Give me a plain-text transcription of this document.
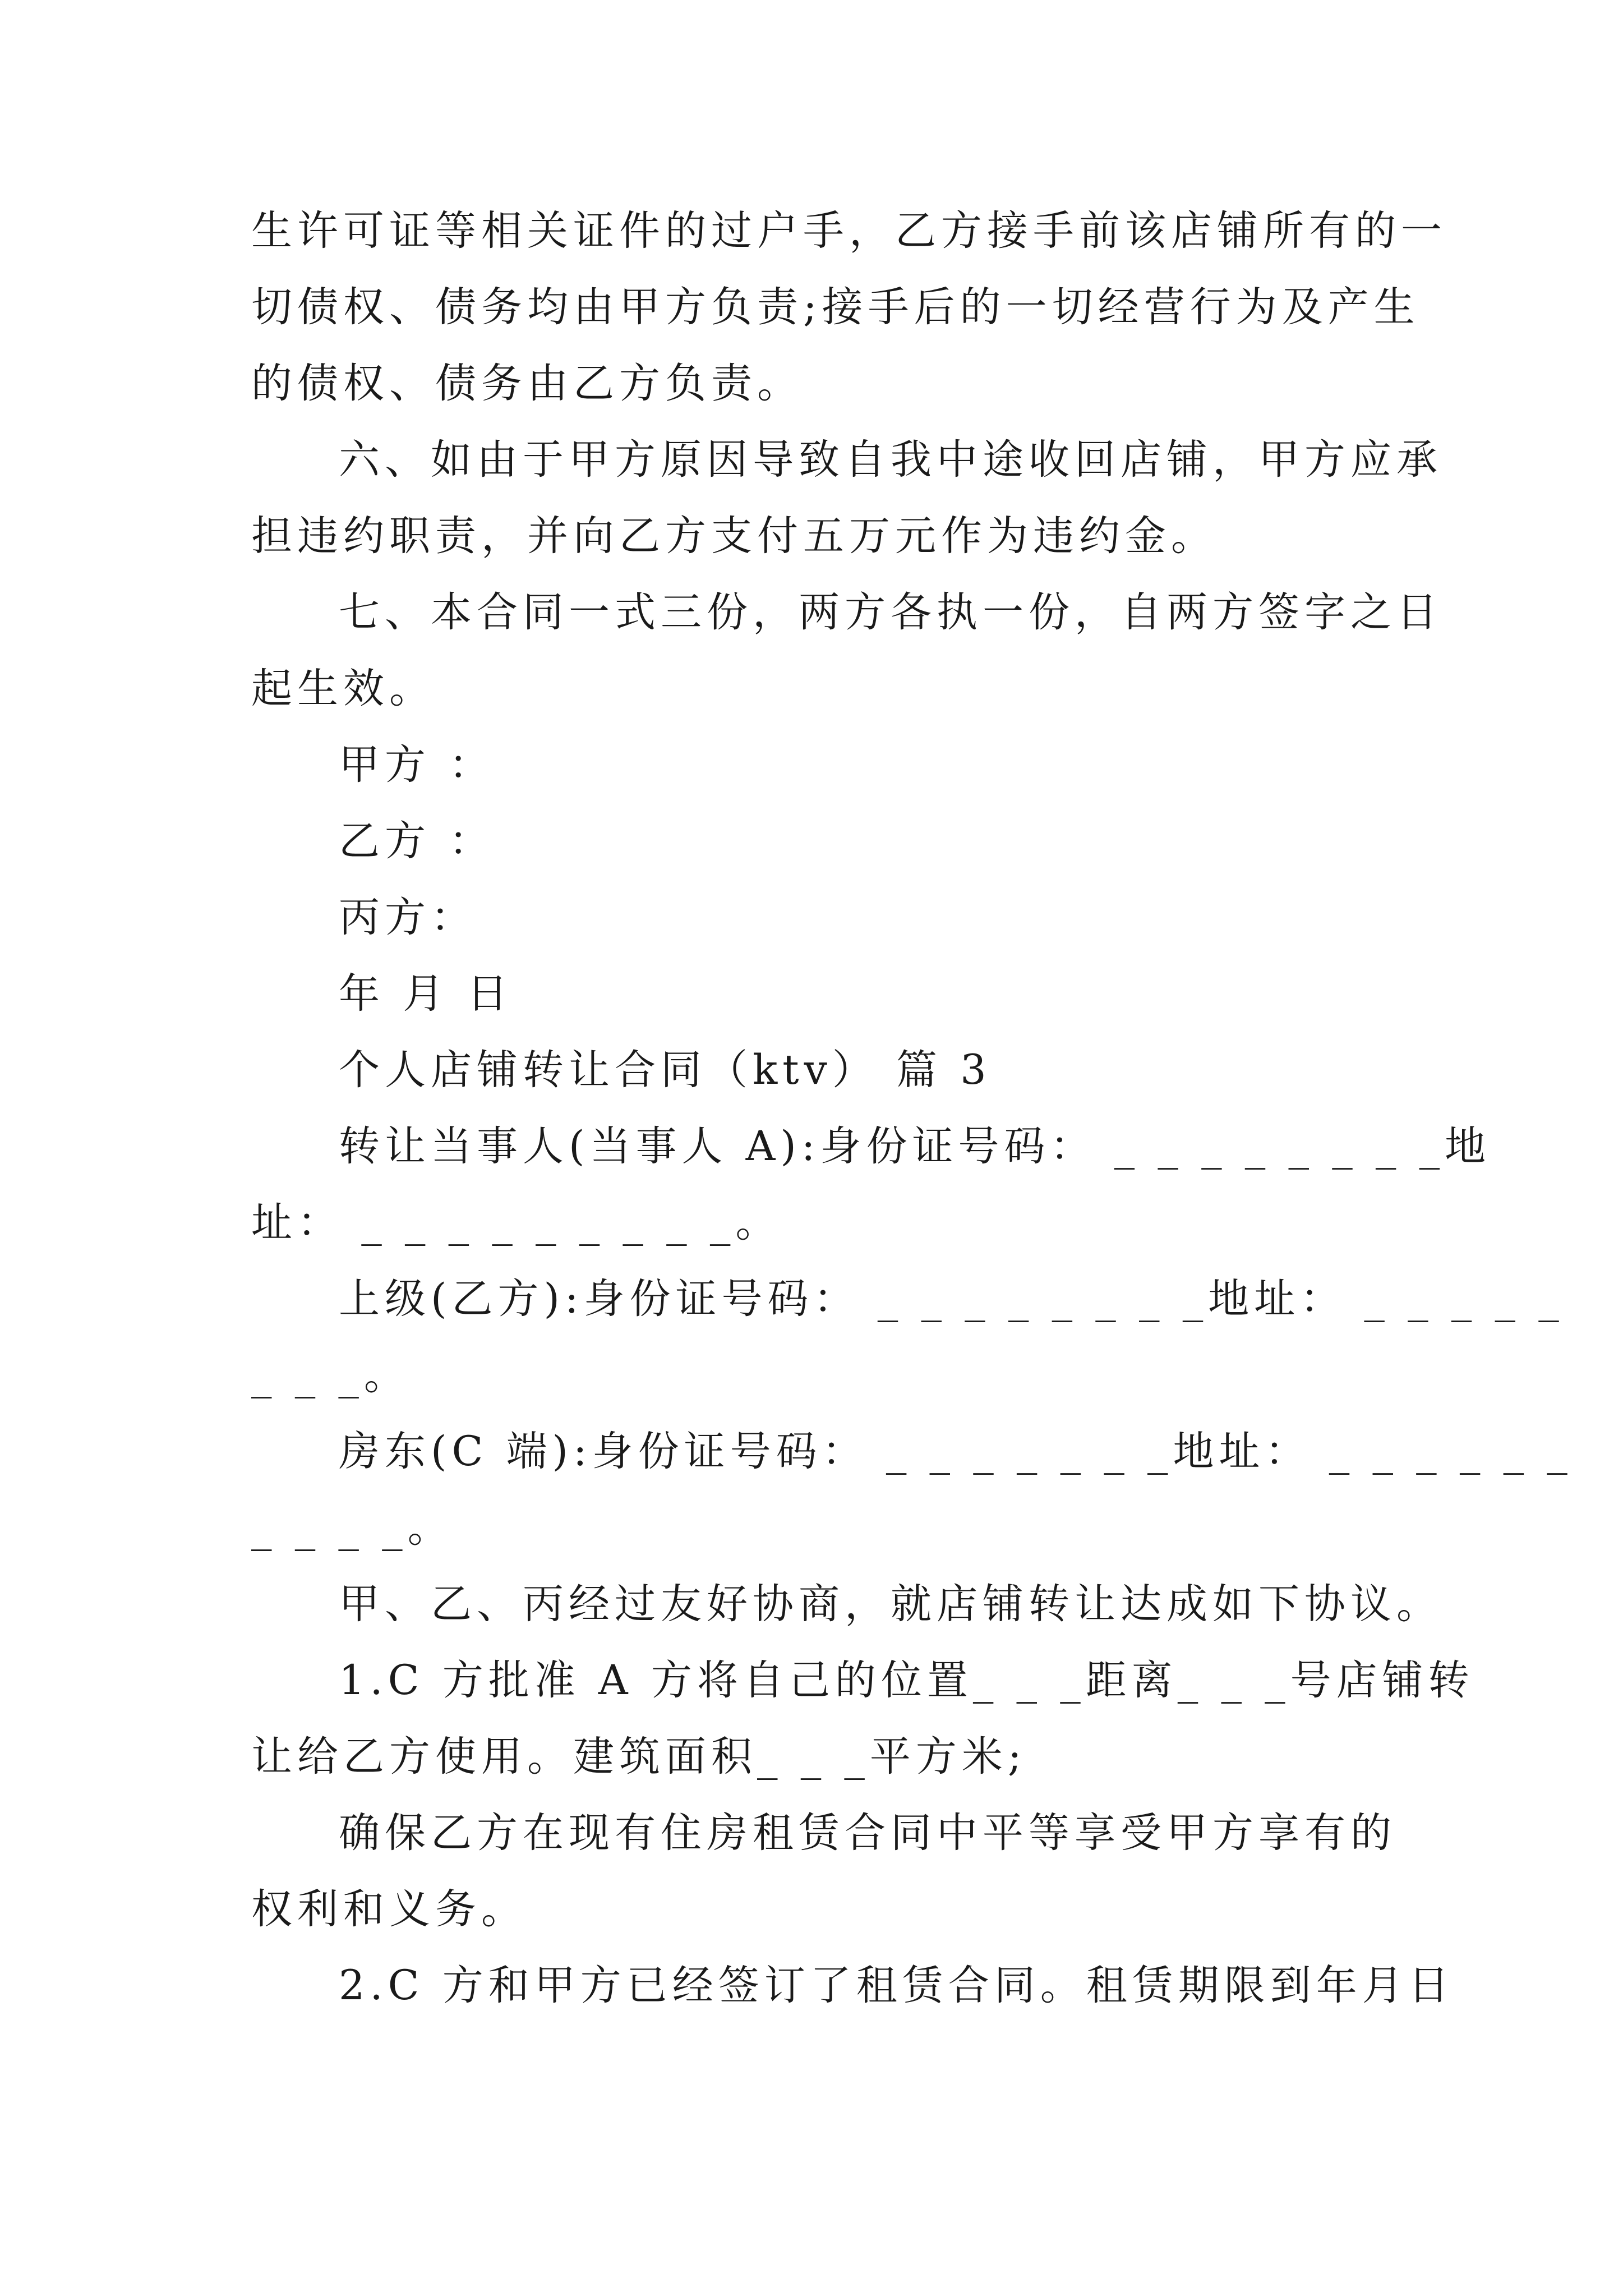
生许可证等相关证件的过户手，乙方接手前该店铺所有的一
切债权、债务均由甲方负责;接手后的一切经营行为及产生
的债权、债务由乙方负责。
六、如由于甲方原因导致自我中途收回店铺，甲方应承
担违约职责，并向乙方支付五万元作为违约金。
七、本合同一式三份，两方各执一份，自两方签字之日
起生效。
甲方 ：
乙方 ：
丙方：
年 月 日
个人店铺转让合同（ktv） 篇 3
转让当事人(当事人 A):身份证号码： _ _ _ _ _ _ _ _地
址： _ _ _ _ _ _ _ _ _。
上级(乙方):身份证号码： _ _ _ _ _ _ _ _地址： _ _ _ _ _
_ _ _。
房东(C 端):身份证号码： _ _ _ _ _ _ _地址： _ _ _ _ _ _
_ _ _ _。
甲、乙、丙经过友好协商，就店铺转让达成如下协议。
1.C 方批准 A 方将自己的位置_ _ _距离_ _ _号店铺转
让给乙方使用。建筑面积_ _ _平方米;
确保乙方在现有住房租赁合同中平等享受甲方享有的
权利和义务。
2.C 方和甲方已经签订了租赁合同。租赁期限到年月日
